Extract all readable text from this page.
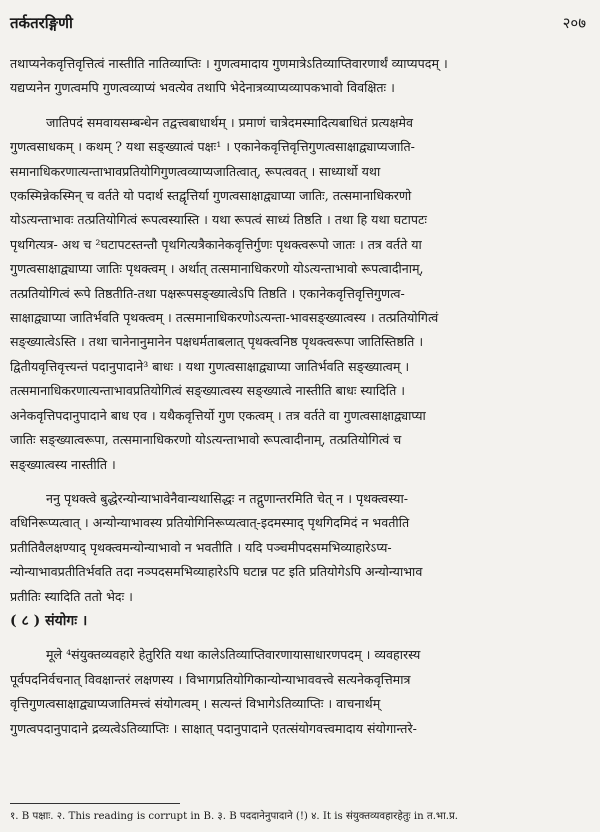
तर्कतरङ्गिणी	२०७
तथाप्यनेकवृत्तिवृत्तित्वं नास्तीति नातिव्याप्तिः । गुणत्वमादाय गुणमात्रेऽतिव्याप्तिवारणार्थं व्याप्यपदम् ।
यद्यप्यनेन गुणत्वमपि गुणत्वव्याप्यं भवत्येव तथापि भेदेनात्रव्याप्यव्यापकभावो विवक्षितः ।
जातिपदं समवायसम्बन्धेन तद्वत्त्वबाधार्थम् । प्रमाणं चात्रेदमस्मादित्यबाधितं प्रत्यक्षमेव
गुणत्वसाधकम् । कथम् ? यथा सङ्ख्यात्वं पक्षः¹ । एकानेकवृत्तिवृत्तिगुणत्वसाक्षाद्व्याप्यजाति-
समानाधिकरणात्यन्ताभावप्रतियोगिगुणत्वव्याप्यजातित्वात्, रूपत्ववत् । साध्यार्थो यथा
एकस्मिन्नेकस्मिन् च वर्तते यो पदार्थ स्तद्वृत्तिर्या गुणत्वसाक्षाद्व्याप्या जातिः, तत्समानाधिकरणो
योऽत्यन्ताभावः तत्प्रतियोगित्वं रूपत्वस्यास्ति । यथा रूपत्वं साध्यं तिष्ठति । तथा हि यथा घटापटः
पृथगित्यत्र- अथ च ²घटापटस्तन्तौ पृथगित्यत्रैकानेकवृत्तिर्गुणः पृथक्त्वरूपो जातः । तत्र वर्तते या
गुणत्वसाक्षाद्व्याप्या जातिः पृथक्त्वम् । अर्थात् तत्समानाधिकरणो योऽत्यन्ताभावो रूपत्वादीनाम्,
तत्प्रतियोगित्वं रूपे तिष्ठतीति-तथा पक्षरूपसङ्ख्यात्वेऽपि तिष्ठति । एकानेकवृत्तिवृत्तिगुणत्व-
साक्षाद्व्याप्या जातिर्भवति पृथक्त्वम् । तत्समानाधिकरणोऽत्यन्ता-भावसङ्ख्यात्वस्य । तत्प्रतियोगित्वं
सङ्ख्यात्वेऽस्ति । तथा चानेनानुमानेन पक्षधर्मताबलात् पृथक्त्वनिष्ठ पृथक्त्वरूपा जातिस्तिष्ठति ।
द्वितीयवृत्तिवृत्त्यन्तं पदानुपादाने³ बाधः । यथा गुणत्वसाक्षाद्व्याप्या जातिर्भवति सङ्ख्यात्वम् ।
तत्समानाधिकरणात्यन्ताभावप्रतियोगित्वं सङ्ख्यात्वस्य सङ्ख्यात्वे नास्तीति बाधः स्यादिति ।
अनेकवृत्तिपदानुपादाने बाध एव । यथैकवृत्तिर्यो गुण एकत्वम् । तत्र वर्तते वा गुणत्वसाक्षाद्व्याप्या
जातिः सङ्ख्यात्वरूपा, तत्समानाधिकरणो योऽत्यन्ताभावो रूपत्वादीनाम्, तत्प्रतियोगित्वं च
सङ्ख्यात्वस्य नास्तीति ।
ननु पृथक्त्वे बुद्धेरन्योन्याभावेनैवान्यथासिद्धः न तद्गुणान्तरमिति चेत् न । पृथक्त्वस्या-
वधिनिरूप्यत्वात् । अन्योन्याभावस्य प्रतियोगिनिरूप्यत्वात्-इदमस्माद् पृथगिदमिदं न भवतीति
प्रतीतिवैलक्षण्याद् पृथक्त्वमन्योन्याभावो न भवतीति । यदि पञ्चमीपदसमभिव्याहारेऽप्य-
न्योन्याभावप्रतीतिर्भवति तदा नञ्पदसमभिव्याहारेऽपि घटान्न पट इति प्रतियोगेऽपि अन्योन्याभाव
प्रतीतिः स्यादिति ततो भेदः ।
( ८ ) संयोगः ।
मूले ⁴संयुक्तव्यवहारे हेतुरिति यथा कालेऽतिव्याप्तिवारणायासाधारणपदम् । व्यवहारस्य
पूर्वपदनिर्वचनात् विवक्षान्तरं लक्षणस्य । विभागप्रतियोगिकान्योन्याभाववत्त्वे सत्यनेकवृत्तिमात्र
वृत्तिगुणत्वसाक्षाद्व्याप्यजातिमत्त्वं संयोगत्वम् । सत्यन्तं विभागेऽतिव्याप्तिः । वाचनार्थम्
गुणत्वपदानुपादाने द्रव्यत्वेऽतिव्याप्तिः । साक्षात् पदानुपादाने एतत्संयोगवत्त्वमादाय संयोगान्तरे-
१. B पक्षाः. २. This reading is corrupt in B. ३. B पददानेनुपादाने (!) ४. It is संयुक्तव्यवहारहेतुः in त.भा.प्र.
